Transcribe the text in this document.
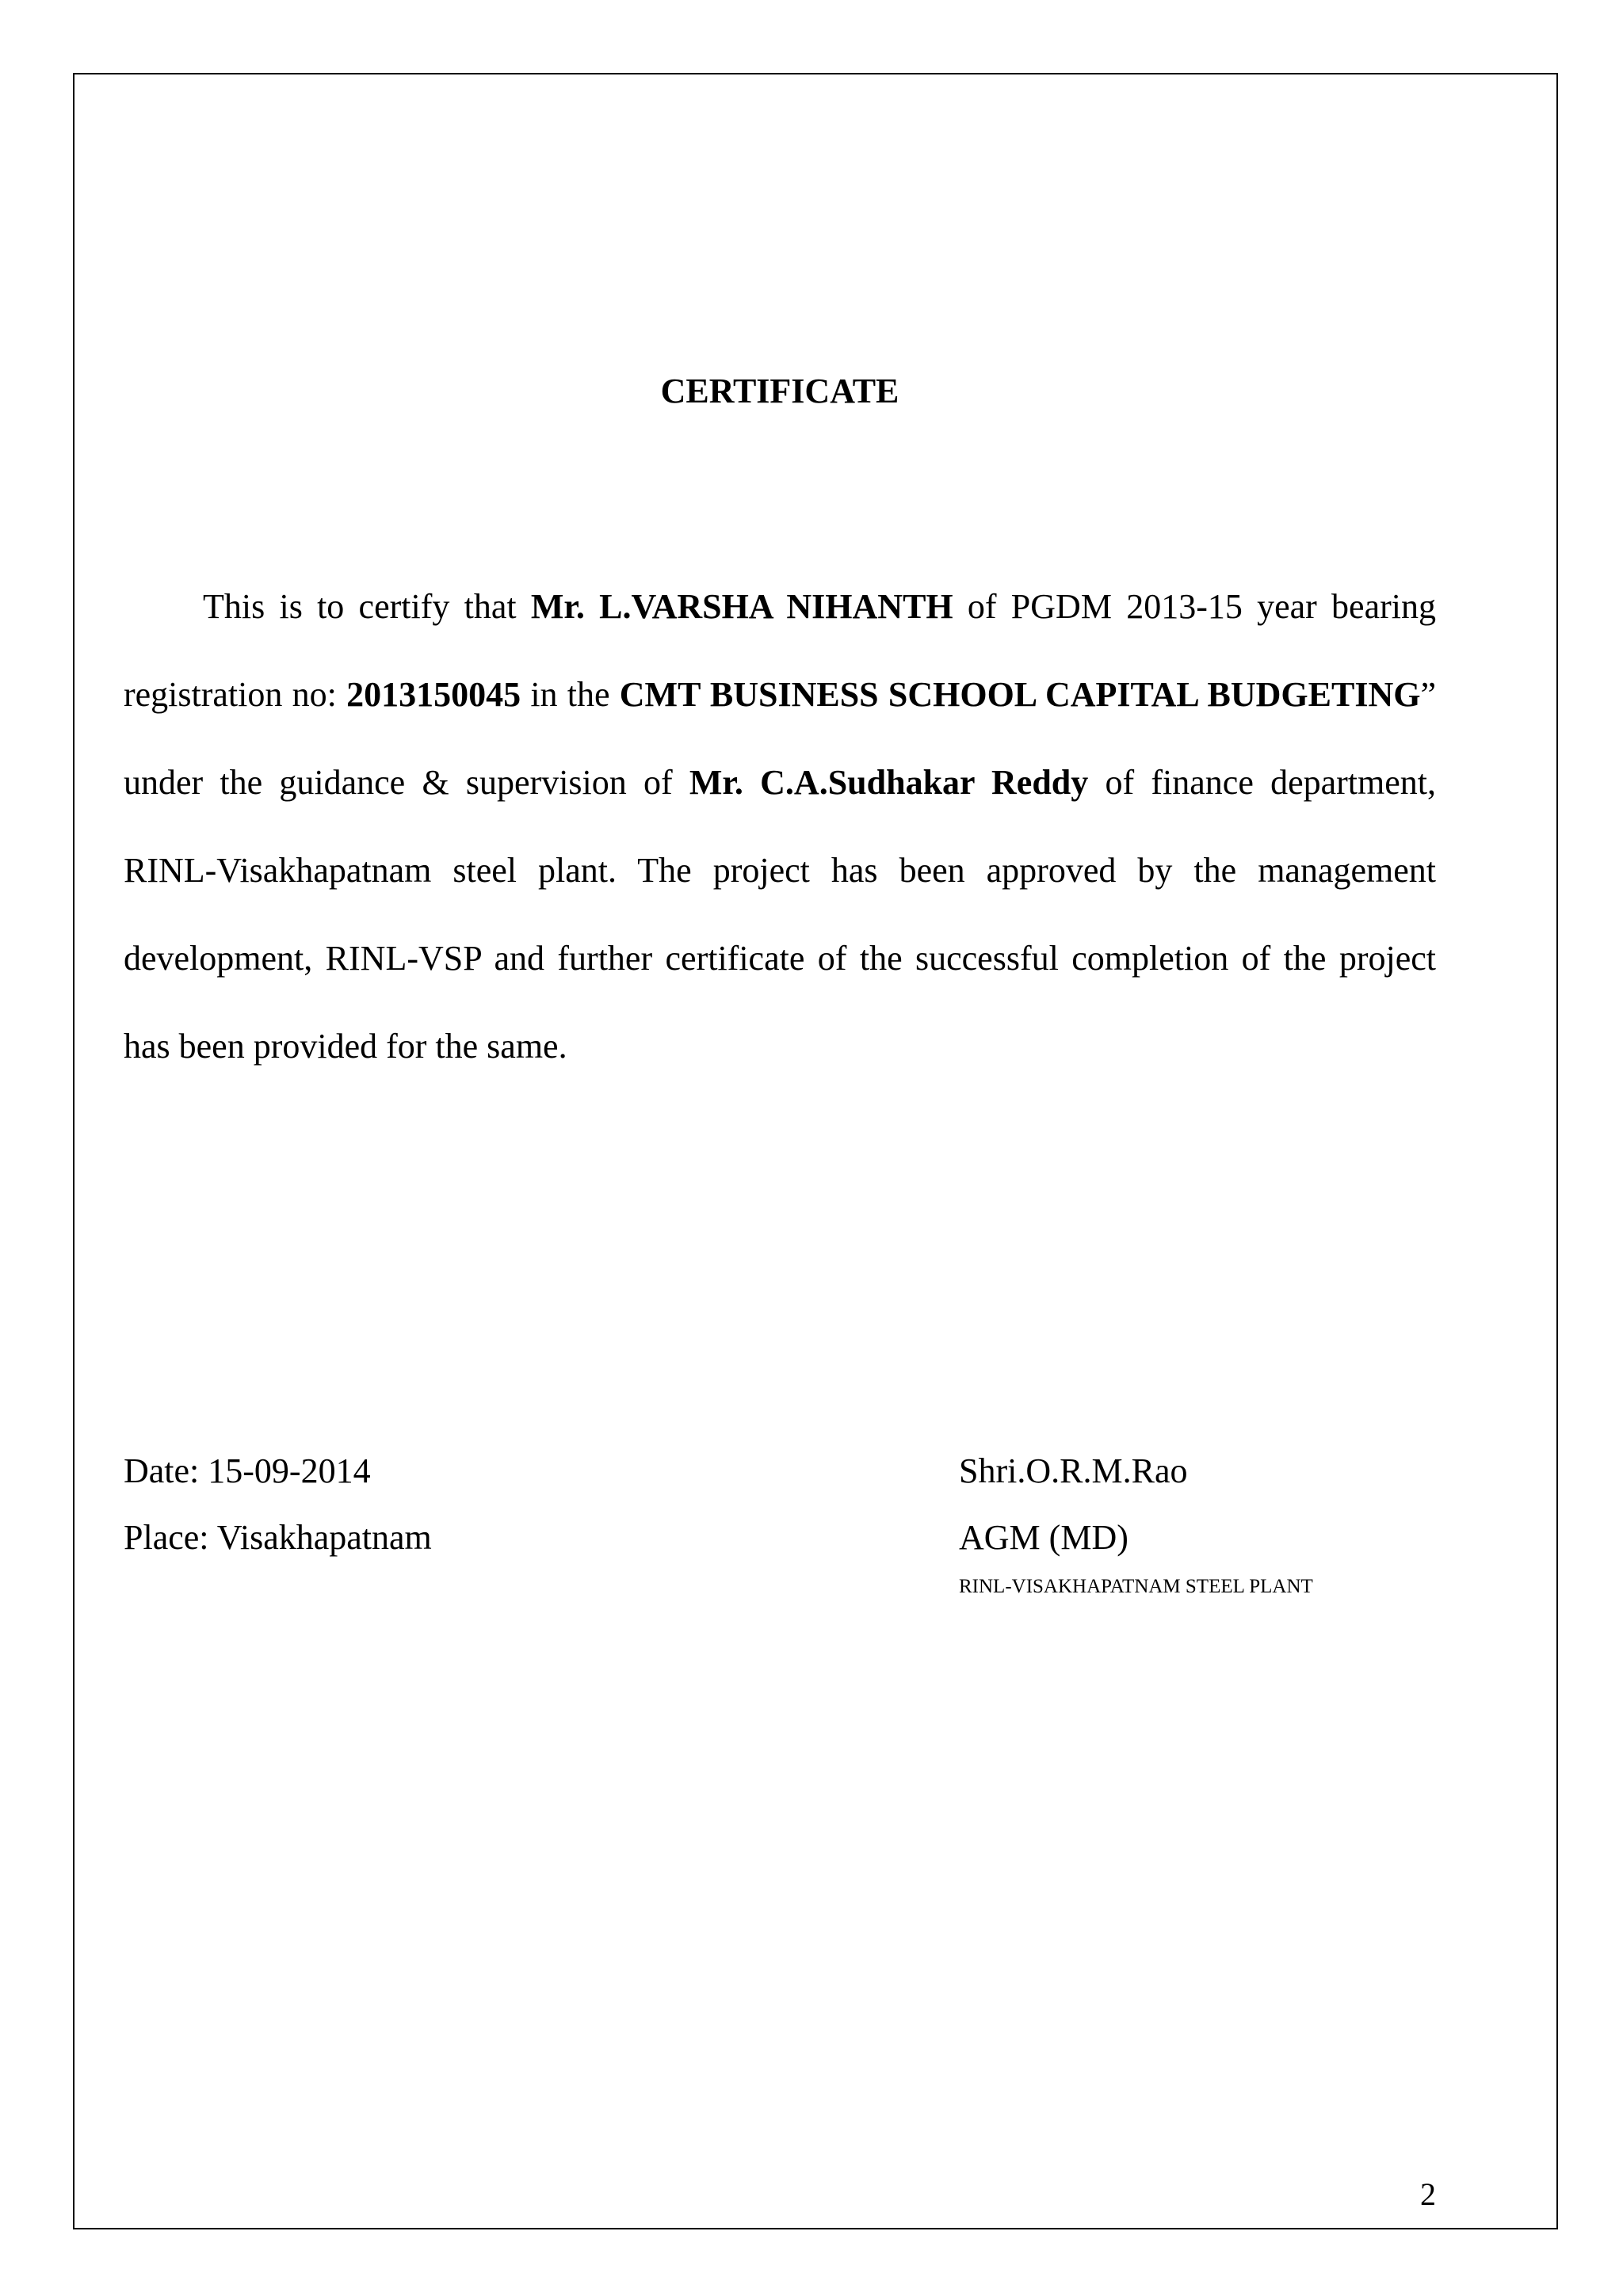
CERTIFICATE

This is to certify that Mr. L.VARSHA NIHANTH of PGDM 2013-15 year bearing registration no: 2013150045 in the CMT BUSINESS SCHOOL CAPITAL BUDGETING” under the guidance & supervision of Mr. C.A.Sudhakar Reddy of finance department, RINL-Visakhapatnam steel plant. The project has been approved by the management development, RINL-VSP and further certificate of the successful completion of the project has been provided for the same.

Date: 15-09-2014
Place: Visakhapatnam
Shri.O.R.M.Rao
AGM (MD)
RINL-VISAKHAPATNAM STEEL PLANT
2
